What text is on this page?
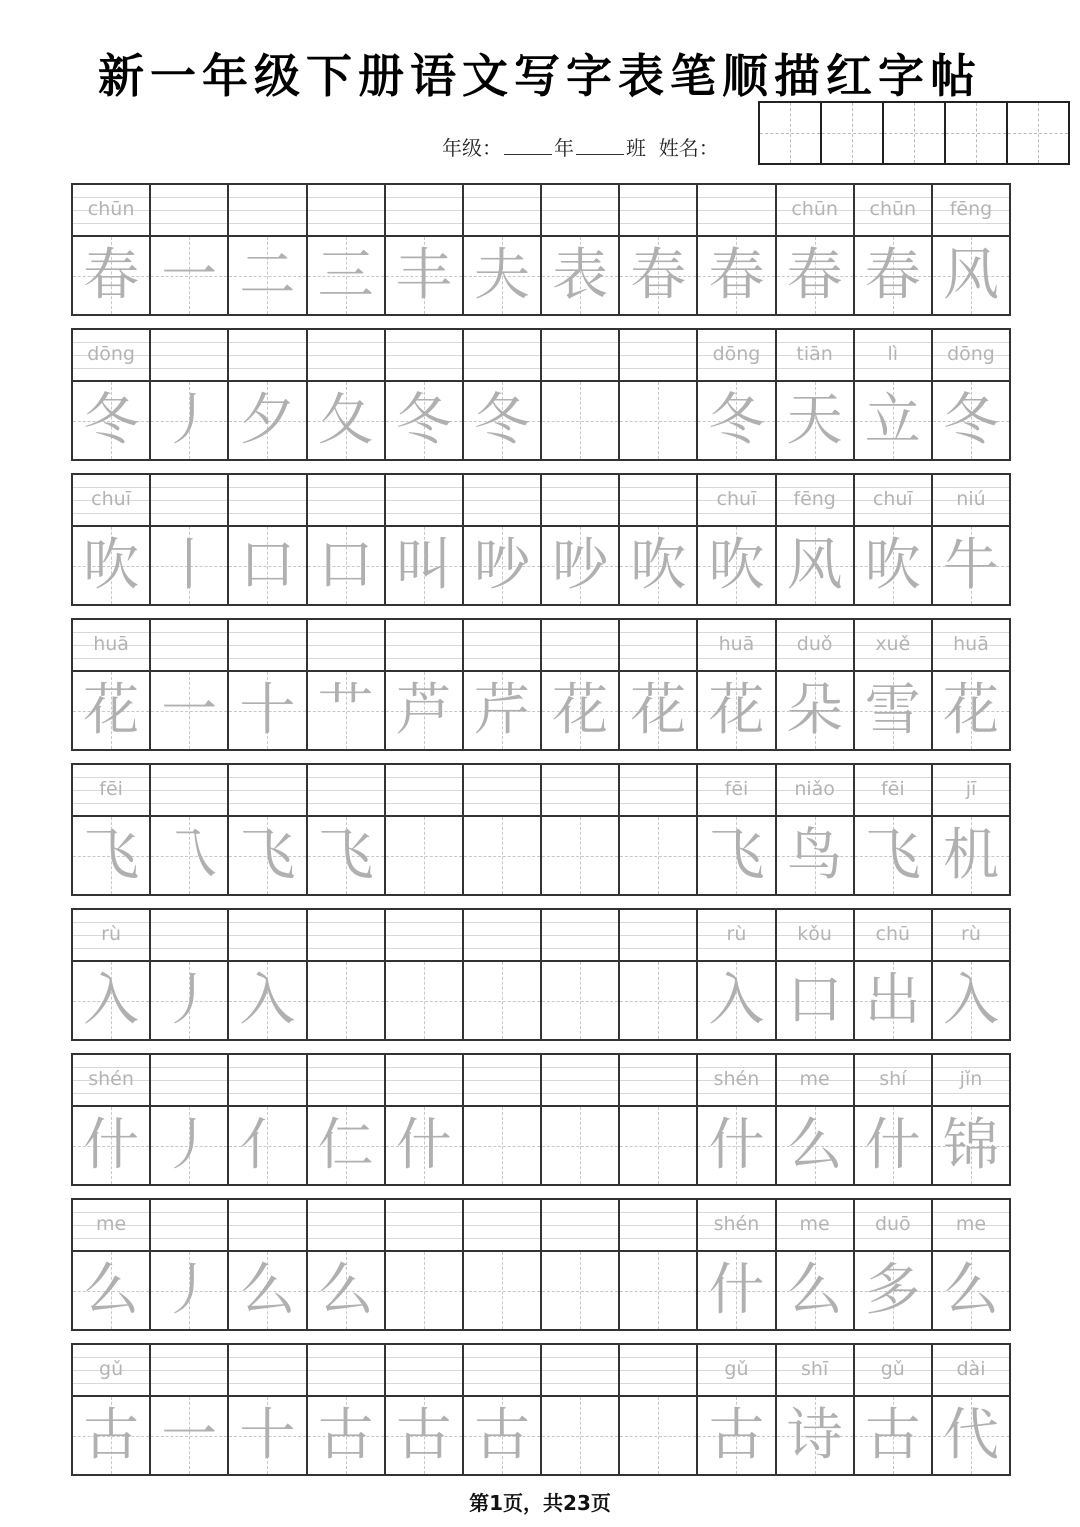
新一年级下册语文写字表笔顺描红字帖
年级：	年	班 姓名：
chūn
春 一 二 三 丰 夫 表 春 春
chūn
春
chūn
春
fēng
风
dōng
冬 丿 夕 夂 冬 冬
dōng
冬
tiān
天
lì
立
dōng
冬
chuī
吹 丨 口 口 叫 吵 吵 吹
chuī
吹
fēng
风
chuī
吹
niú
牛
huā
花 一 十 艹 芦 芹 花 花
huā
花
duǒ
朵
xuě
雪
huā
花
fēi
飞 乁 飞 飞
fēi
飞
niǎo
鸟
fēi
飞
jī
机
rù
入 丿 入
rù
入
kǒu
口
chū
出
rù
入
shén
什 丿 亻 仁 什
shén
什
me
么
shí
什
jǐn
锦
me
么 丿 么 么
shén
什
me
么
duō
多
me
么
gǔ
古 一 十 古 古 古
gǔ
古
shī
诗
gǔ
古
dài
代
第1页，共23页
